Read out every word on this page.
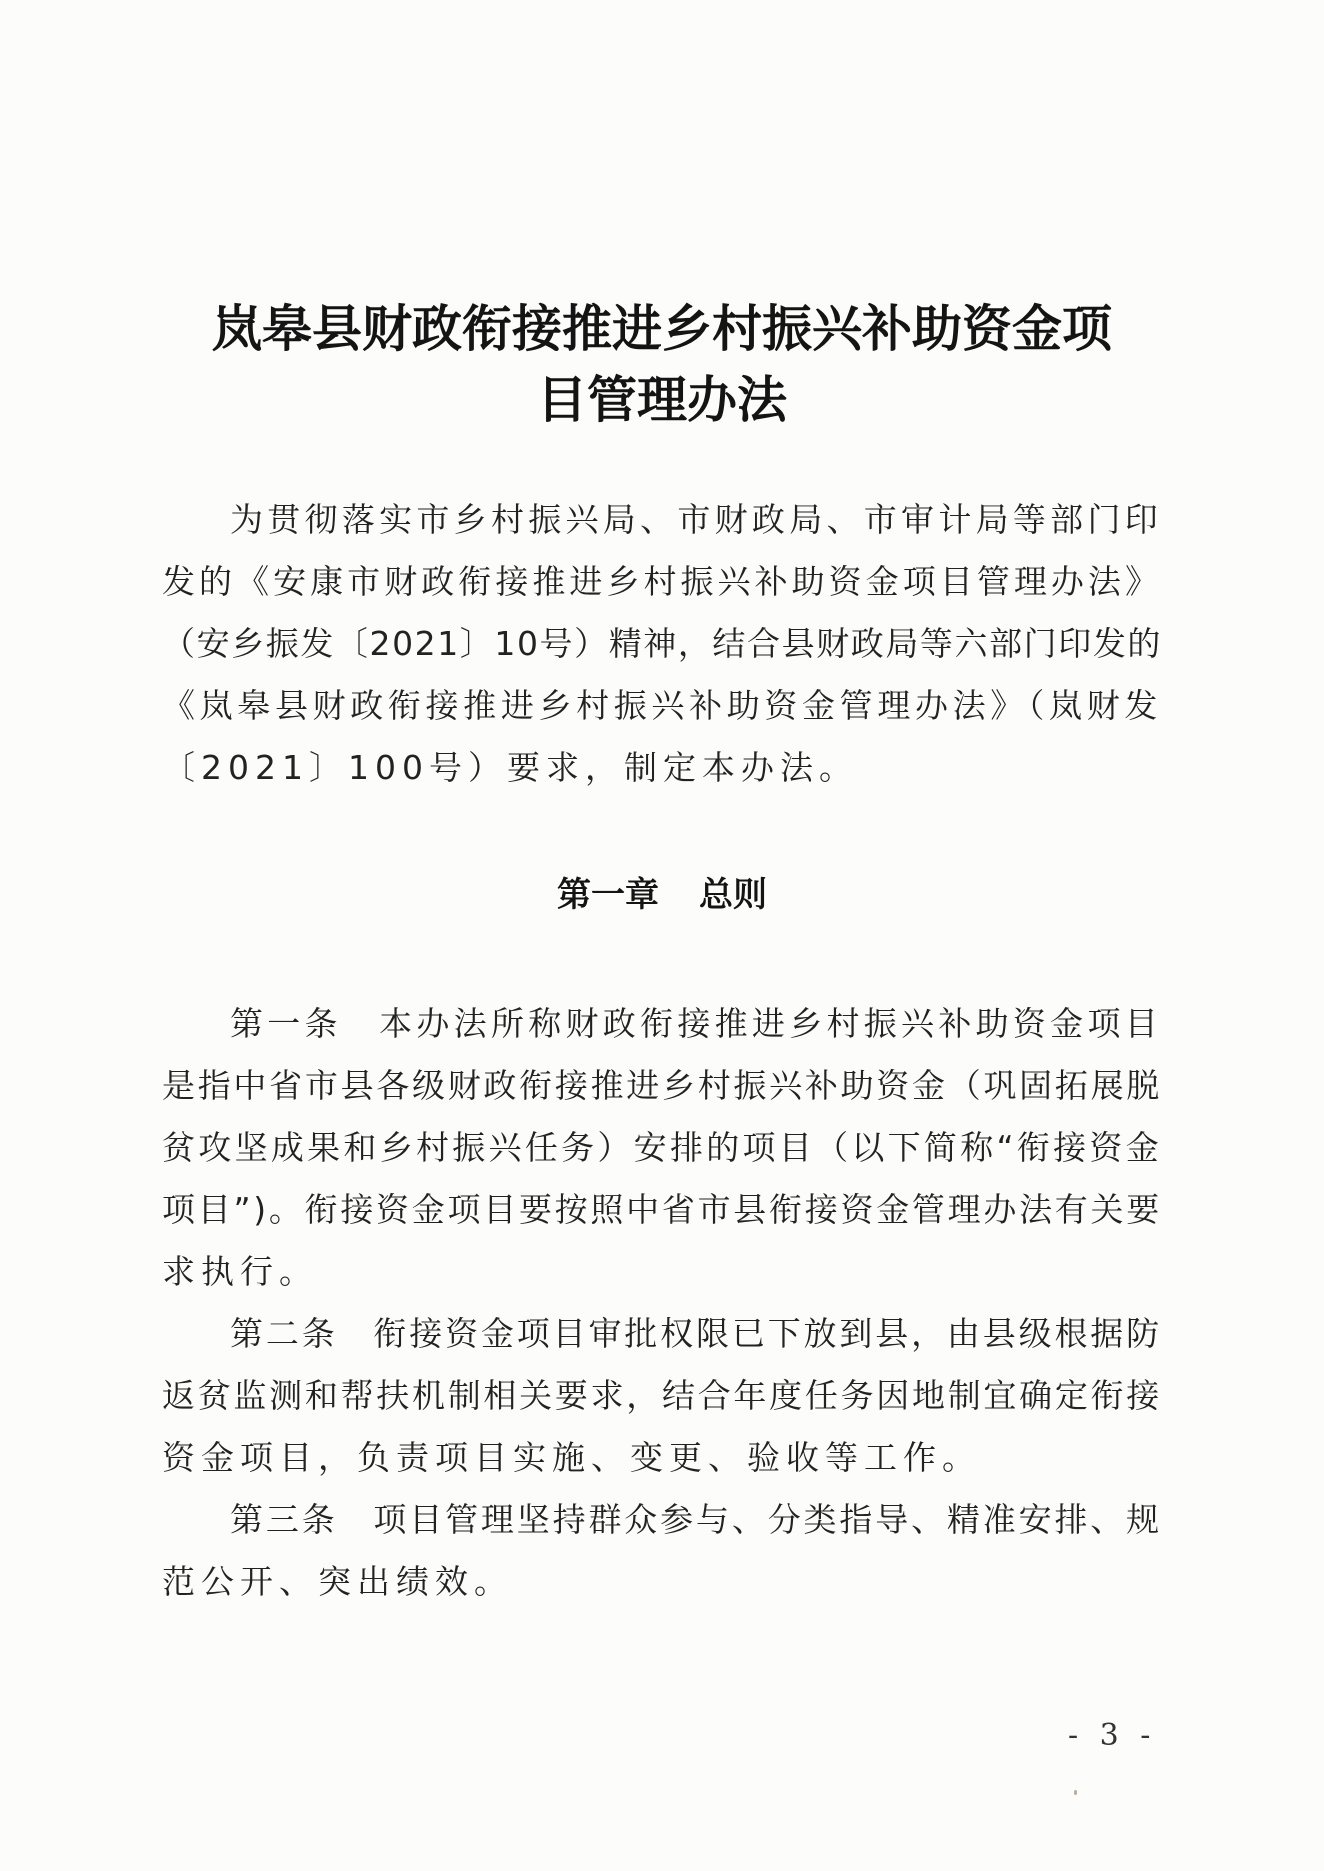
岚皋县财政衔接推进乡村振兴补助资金项
目管理办法

为贯彻落实市乡村振兴局、市财政局、市审计局等部门印

发的《安康市财政衔接推进乡村振兴补助资金项目管理办法》

（安乡振发〔2021〕10号）精神，结合县财政局等六部门印发的

《岚皋县财政衔接推进乡村振兴补助资金管理办法》（岚财发

〔2021〕100号）要求，制定本办法。

第一章 总则

第一条　本办法所称财政衔接推进乡村振兴补助资金项目

是指中省市县各级财政衔接推进乡村振兴补助资金（巩固拓展脱

贫攻坚成果和乡村振兴任务）安排的项目（以下简称“衔接资金

项目”)。衔接资金项目要按照中省市县衔接资金管理办法有关要

求执行。

第二条　衔接资金项目审批权限已下放到县，由县级根据防

返贫监测和帮扶机制相关要求，结合年度任务因地制宜确定衔接

资金项目，负责项目实施、变更、验收等工作。

第三条　项目管理坚持群众参与、分类指导、精准安排、规

范公开、突出绩效。

- 3 -
